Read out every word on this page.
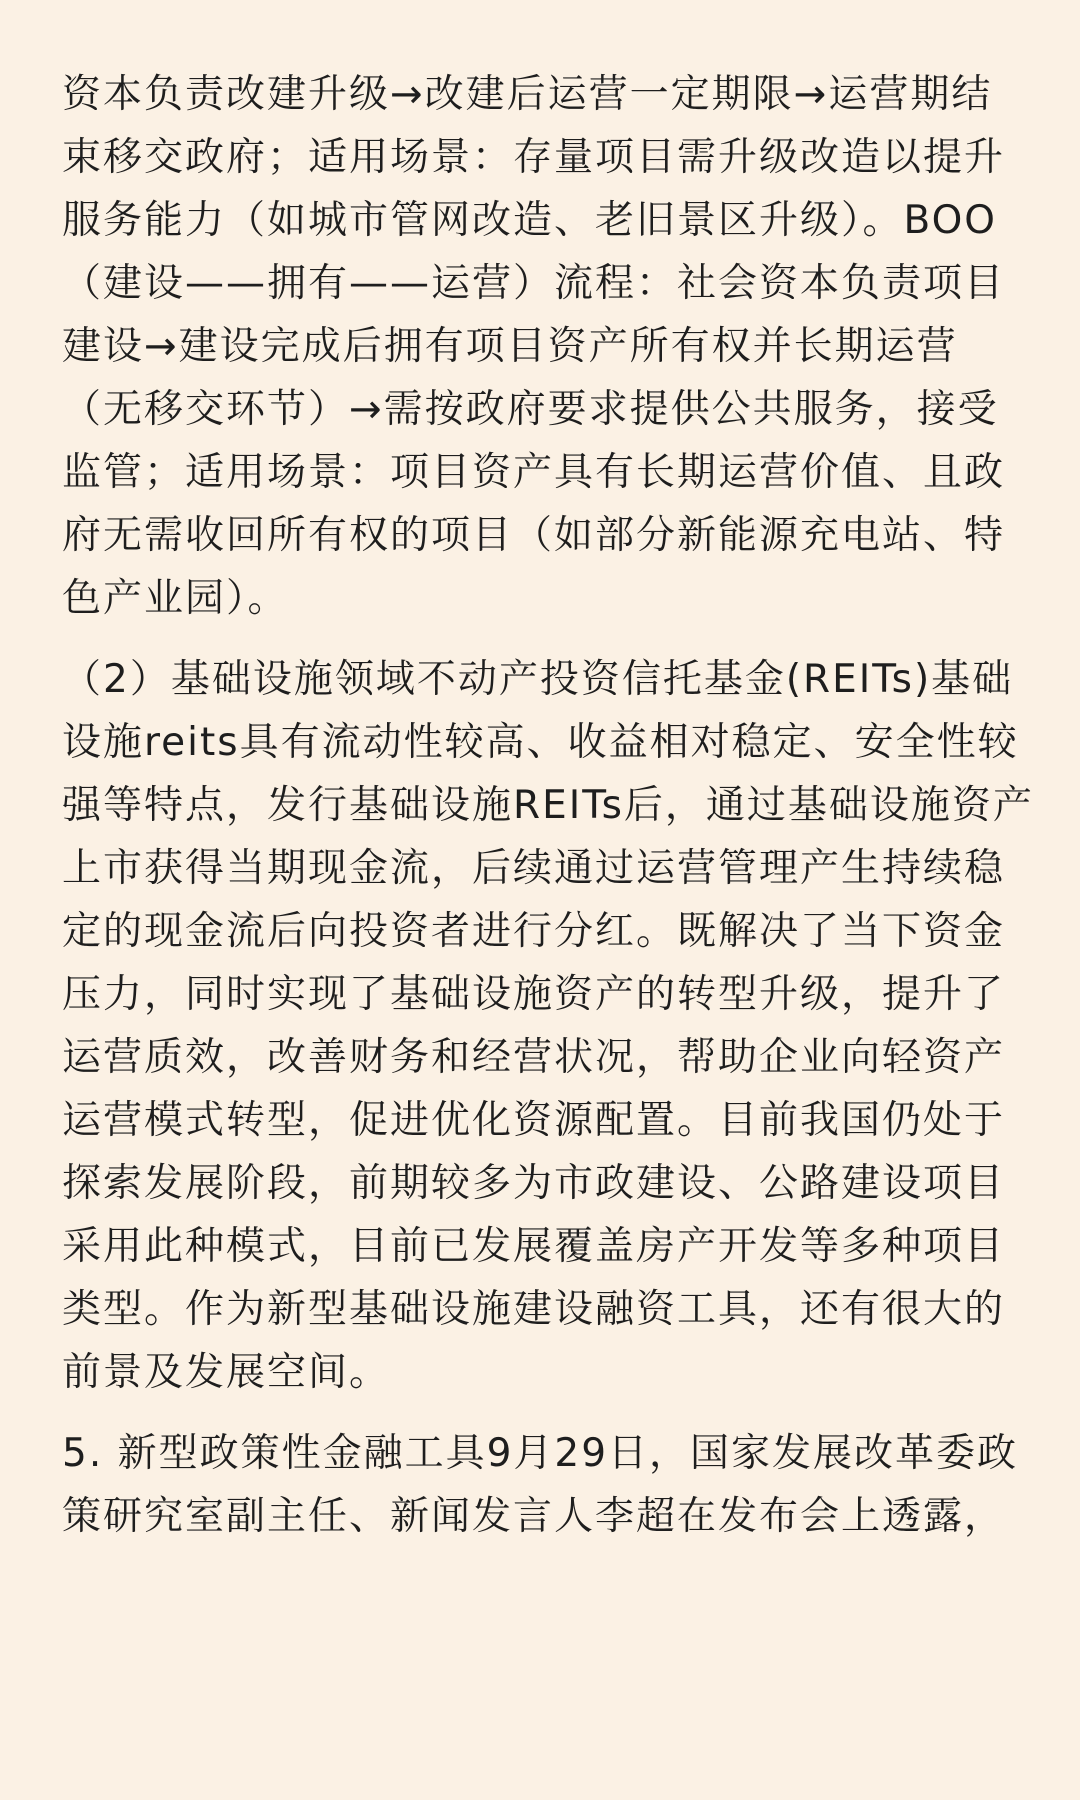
资本负责改建升级→改建后运营一定期限→运营期结
束移交政府；适用场景：存量项目需升级改造以提升
服务能力（如城市管网改造、老旧景区升级）。BOO
（建设——拥有——运营）流程：社会资本负责项目
建设→建设完成后拥有项目资产所有权并长期运营
（无移交环节）→需按政府要求提供公共服务，接受
监管；适用场景：项目资产具有长期运营价值、且政
府无需收回所有权的项目（如部分新能源充电站、特
色产业园）。

（2）基础设施领域不动产投资信托基金(REITs)基础
设施reits具有流动性较高、收益相对稳定、安全性较
强等特点，发行基础设施REITs后，通过基础设施资产
上市获得当期现金流，后续通过运营管理产生持续稳
定的现金流后向投资者进行分红。既解决了当下资金
压力，同时实现了基础设施资产的转型升级，提升了
运营质效，改善财务和经营状况，帮助企业向轻资产
运营模式转型，促进优化资源配置。目前我国仍处于
探索发展阶段，前期较多为市政建设、公路建设项目
采用此种模式，目前已发展覆盖房产开发等多种项目
类型。作为新型基础设施建设融资工具，还有很大的
前景及发展空间。

5. 新型政策性金融工具9月29日，国家发展改革委政
策研究室副主任、新闻发言人李超在发布会上透露，
